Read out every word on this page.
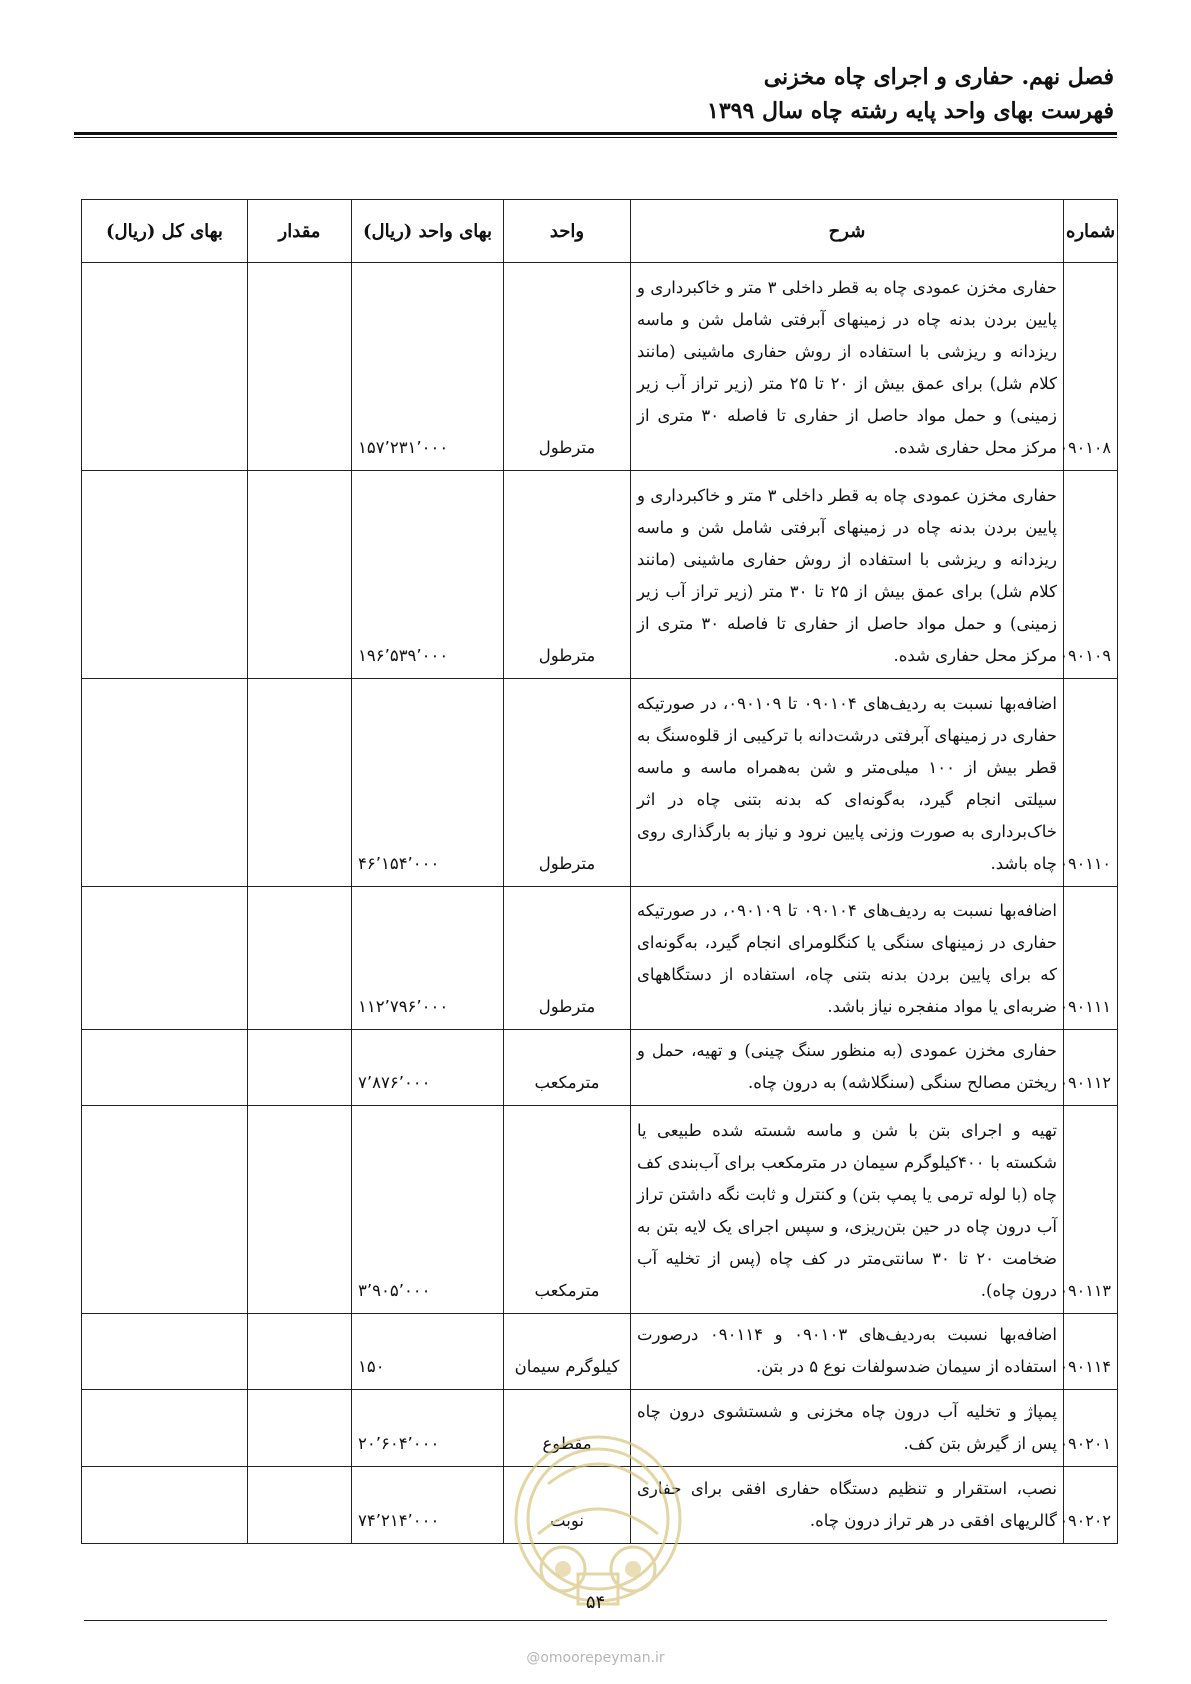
فصل نهم. حفاری و اجرای چاه مخزنی
فهرست بهای واحد پایه رشته چاه سال ۱۳۹۹
شماره	شرح	واحد	بهای واحد (ریال)	مقدار	بهای کل (ریال)
۰۹۰۱۰۸	حفاری مخزن عمودی چاه به قطر داخلی ۳ متر و خاکبرداری و پایین بردن بدنه چاه در زمینهای آبرفتی شامل شن و ماسه ریزدانه و ریزشی با استفاده از روش حفاری ماشینی (مانند کلام شل) برای عمق بیش از ۲۰ تا ۲۵ متر (زیر تراز آب زیر زمینی) و حمل مواد حاصل از حفاری تا فاصله ۳۰ متری از مرکز محل حفاری شده.	مترطول	۱۵۷٬۲۳۱٬۰۰۰		
۰۹۰۱۰۹	حفاری مخزن عمودی چاه به قطر داخلی ۳ متر و خاکبرداری و پایین بردن بدنه چاه در زمینهای آبرفتی شامل شن و ماسه ریزدانه و ریزشی با استفاده از روش حفاری ماشینی (مانند کلام شل) برای عمق بیش از ۲۵ تا ۳۰ متر (زیر تراز آب زیر زمینی) و حمل مواد حاصل از حفاری تا فاصله ۳۰ متری از مرکز محل حفاری شده.	مترطول	۱۹۶٬۵۳۹٬۰۰۰		
۰۹۰۱۱۰	اضافه‌بها نسبت به ردیف‌های ۰۹۰۱۰۴ تا ۰۹۰۱۰۹، در صورتیکه حفاری در زمینهای آبرفتی درشت‌دانه با ترکیبی از قلوه‌سنگ به قطر بیش از ۱۰۰ میلی‌متر و شن به‌همراه ماسه و ماسه سیلتی انجام گیرد، به‌گونه‌ای که بدنه بتنی چاه در اثر خاک‌برداری به صورت وزنی پایین نرود و نیاز به بارگذاری روی چاه باشد.	مترطول	۴۶٬۱۵۴٬۰۰۰		
۰۹۰۱۱۱	اضافه‌بها نسبت به ردیف‌های ۰۹۰۱۰۴ تا ۰۹۰۱۰۹، در صورتیکه حفاری در زمینهای سنگی یا کنگلومرای انجام گیرد، به‌گونه‌ای که برای پایین بردن بدنه بتنی چاه، استفاده از دستگاههای ضربه‌ای یا مواد منفجره نیاز باشد.	مترطول	۱۱۲٬۷۹۶٬۰۰۰		
۰۹۰۱۱۲	حفاری مخزن عمودی (به منظور سنگ چینی) و تهیه، حمل و ریختن مصالح سنگی (سنگلاشه) به درون چاه.	مترمکعب	۷٬۸۷۶٬۰۰۰		
۰۹۰۱۱۳	تهیه و اجرای بتن با شن و ماسه شسته شده طبیعی یا شکسته با ۴۰۰کیلوگرم سیمان در مترمکعب برای آب‌بندی کف چاه (با لوله ترمی یا پمپ بتن) و کنترل و ثابت نگه داشتن تراز آب درون چاه در حین بتن‌ریزی، و سپس اجرای یک لایه بتن به ضخامت ۲۰ تا ۳۰ سانتی‌متر در کف چاه (پس از تخلیه آب درون چاه).	مترمکعب	۳٬۹۰۵٬۰۰۰		
۰۹۰۱۱۴	اضافه‌بها نسبت به‌ردیف‌های ۰۹۰۱۰۳ و ۰۹۰۱۱۴ درصورت استفاده از سیمان ضدسولفات نوع ۵ در بتن.	کیلوگرم سیمان	۱۵۰		
۰۹۰۲۰۱	پمپاژ و تخلیه آب درون چاه مخزنی و شستشوی درون چاه پس از گیرش بتن کف.	مقطوع	۲۰٬۶۰۴٬۰۰۰		
۰۹۰۲۰۲	نصب، استقرار و تنظیم دستگاه حفاری افقی برای حفاری گالریهای افقی در هر تراز درون چاه.	نوبت	۷۴٬۲۱۴٬۰۰۰		
۵۴
@omoorepeyman.ir
